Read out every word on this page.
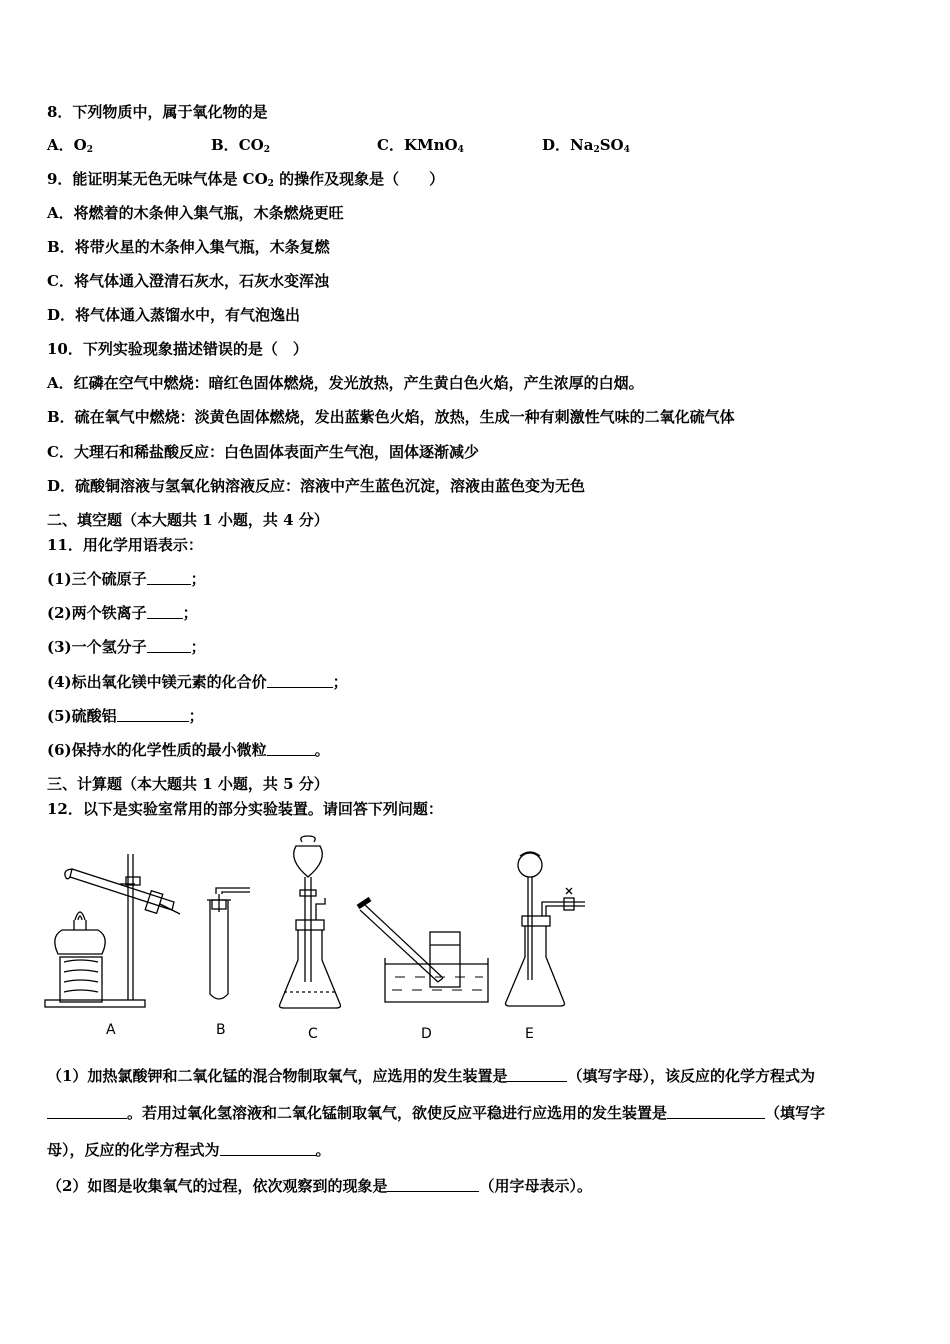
8．下列物质中，属于氧化物的是
A．$O_2$	B．$CO_2$	C．KMnO$_4$	D．$Na_2SO_4$
9．能证明某无色无味气体是 $CO_2$ 的操作及现象是（　　）
A．将燃着的木条伸入集气瓶，木条燃烧更旺
B．将带火星的木条伸入集气瓶，木条复燃
C．将气体通入澄清石灰水，石灰水变浑浊
D．将气体通入蒸馏水中，有气泡逸出
10．下列实验现象描述错误的是（　）
A．红磷在空气中燃烧：暗红色固体燃烧，发光放热，产生黄白色火焰，产生浓厚的白烟。
B．硫在氧气中燃烧：淡黄色固体燃烧，发出蓝紫色火焰，放热，生成一种有刺激性气味的二氧化硫气体
C．大理石和稀盐酸反应：白色固体表面产生气泡，固体逐渐减少
D．硫酸铜溶液与氢氧化钠溶液反应：溶液中产生蓝色沉淀，溶液由蓝色变为无色
二、填空题（本大题共 1 小题，共 4 分）
11．用化学用语表示：
(1)三个硫原子	；
(2)两个铁离子 ；
(3)一个氢分子	；
(4)标出氧化镁中镁元素的化合价	；
(5)硫酸铝	；
(6)保持水的化学性质的最小微粒	。
三、计算题（本大题共 1 小题，共 5 分）
12．以下是实验室常用的部分实验装置。请回答下列问题：
A	B	C	D	E
（1）加热氯酸钾和二氧化锰的混合物制取氧气，应选用的发生装置是	（填写字母），该反应的化学方程式为
。若用过氧化氢溶液和二氧化锰制取氧气，欲使反应平稳进行应选用的发生装置是	（填写字
母），反应的化学方程式为	。
（2）如图是收集氧气的过程，依次观察到的现象是	（用字母表示）。
